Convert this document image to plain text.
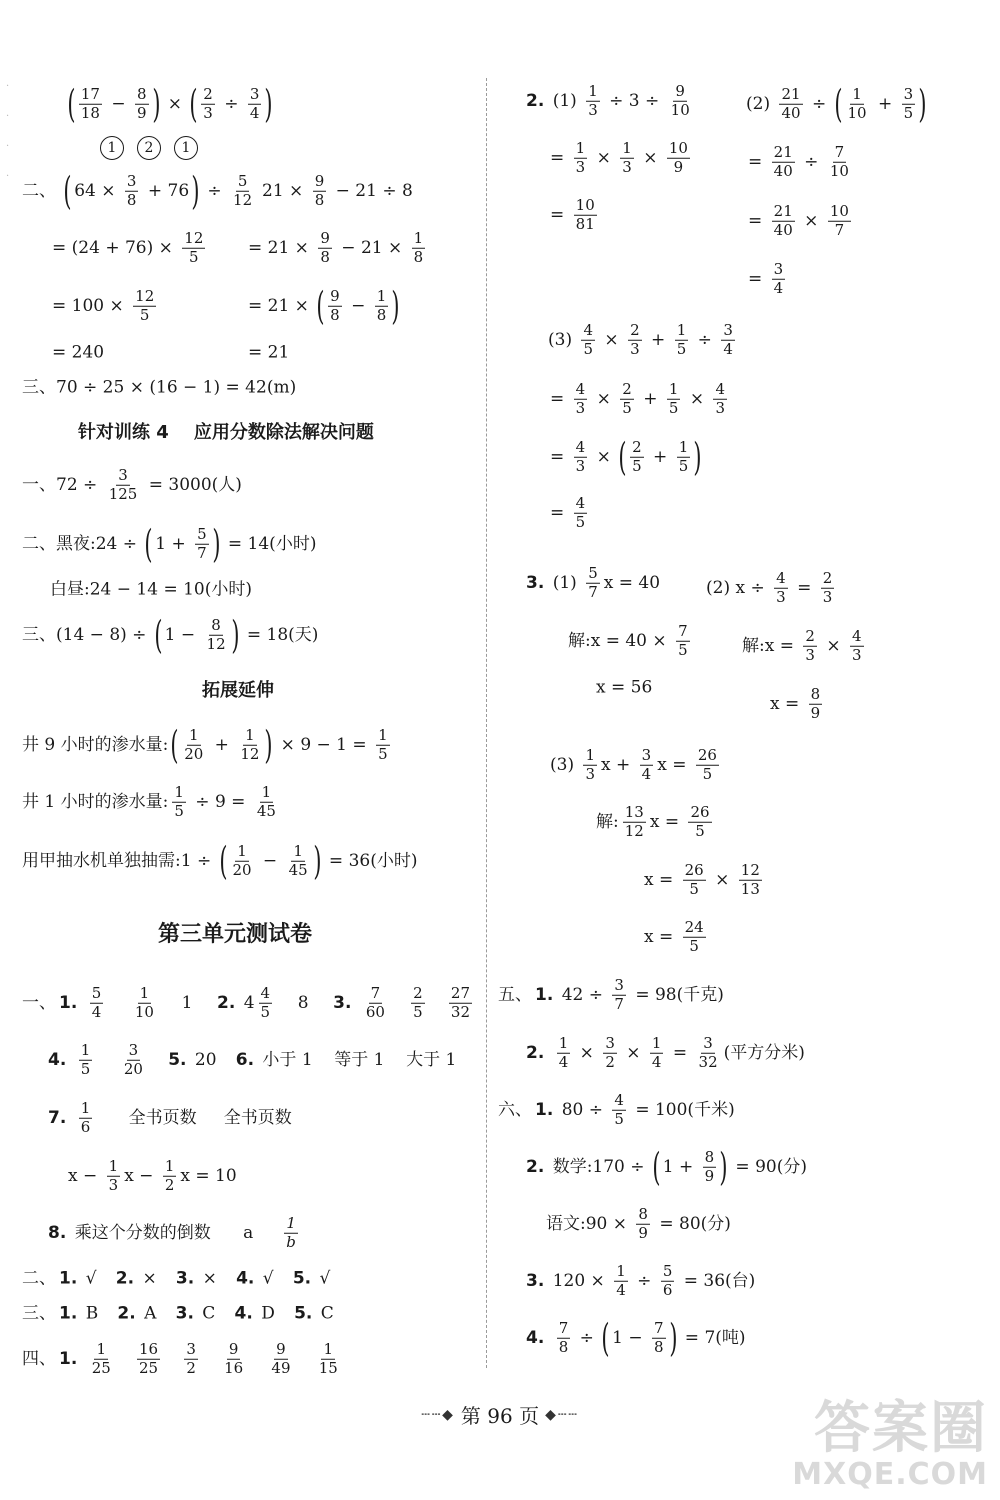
· · · ·
( $\frac{17}{18} - \frac{8}{9}$ ) × ( $\frac{2}{3} \div \frac{3}{4}$ )
1	2	1
二、 ( $64 \times \frac{3}{8} + 76$ ) ÷ $\frac{5}{12} 21 \times \frac{9}{8} - 21 \div 8$
= $(24 + 76) \times \frac{12}{5}$	= $21 \times \frac{9}{8} - 21 \times \frac{1}{8}$
= $100 \times \frac{12}{5}$	= 21 × ( $\frac{9}{8} - \frac{1}{8}$ )
= 240	= 21
三、70 ÷ 25 × (16 − 1) = 42(m)
针对训练 4    应用分数除法解决问题
一、$72 \div \frac{3}{125} = 3000$(人)
二、黑夜:24 ÷ ( $1 + \frac{5}{7}$ ) = 14(小时)
白昼:24 − 14 = 10(小时)
三、(14 − 8) ÷ ( $1 - \frac{8}{12}$ ) = 18(天)
拓展延伸
井 9 小时的渗水量: ( $\frac{1}{20} + \frac{1}{12}$ ) × $9 - 1 = \frac{1}{5}$
井 1 小时的渗水量: $\frac{1}{5} \div 9 = \frac{1}{45}$
用甲抽水机单独抽需:1 ÷ ( $\frac{1}{20} - \frac{1}{45}$ ) = 36(小时)
第三单元测试卷
一、 1.
$\frac{5}{4}$
$\frac{1}{10} 1$ 2. $4 \frac{4}{5} 8$ 3.
$\frac{7}{60}$
$\frac{2}{5}$
$\frac{27}{32}$
4.
$\frac{1}{5}$
$\frac{3}{20}$
5. 20 6. 小于 1    等于 1    大于 1
7.
$\frac{1}{6}$ 全书页数     全书页数
$x - \frac{1}{3}$ $x - \frac{1}{2}$ x = 10
8. 乘这个分数的倒数      a $\frac{1}{b}$
二、 1. √ 2. × 3. × 4. √ 5. √
三、 1. B 2. A 3. C 4. D 5. C
四、 1.
$\frac{1}{25}$
$\frac{16}{25}$
$\frac{3}{2}$
$\frac{9}{16}$
$\frac{9}{49}$
$\frac{1}{15}$
2. $(1) \frac{1}{3} \div 3 \div \frac{9}{10}$	$(2) \frac{21}{40}$ ÷ ( $\frac{1}{10} + \frac{3}{5}$ )
= $\frac{1}{3} \times \frac{1}{3} \times \frac{10}{9}$	= $\frac{21}{40} \div \frac{7}{10}$
= $\frac{10}{81}$	= $\frac{21}{40} \times \frac{10}{7}$
= $\frac{3}{4}$
$(3) \frac{4}{5} \times \frac{2}{3} + \frac{1}{5} \div \frac{3}{4}$
= $\frac{4}{3} \times \frac{2}{5} + \frac{1}{5} \times \frac{4}{3}$
= $\frac{4}{3}$ × ( $\frac{2}{5} + \frac{1}{5}$ )
= $\frac{4}{5}$
3. $(1) \frac{5}{7}$ x = 40	(2) $x \div \frac{4}{3} = \frac{2}{3}$
解:x = $40 \times \frac{7}{5}$	解:x = $\frac{2}{3} \times \frac{4}{3}$
x = 56
$x = \frac{8}{9}$
$(3) \frac{1}{3}$ $x + \frac{3}{4}$ $x = \frac{26}{5}$
解: $\frac{13}{12}$ $x = \frac{26}{5}$
$x = \frac{26}{5} \times \frac{12}{13}$
$x = \frac{24}{5}$
五、 1. $42 \div \frac{3}{7} = 98$(千克)
2.
$\frac{1}{4} \times \frac{3}{2} \times \frac{1}{4} = \frac{3}{32}$ (平方分米)
六、 1. $80 \div \frac{4}{5} = 100$(千米)
2. 数学:170 ÷ ( $1 + \frac{8}{9}$ ) = 90(分)
语文:90 × $\frac{8}{9} = 80$(分)
3. $120 \times \frac{1}{4} \div \frac{5}{6} = 36$(台)
4.
$\frac{7}{8}$ ÷ ( $1 - \frac{7}{8}$ ) = 7(吨)
┄┄◆ 第 96 页 ◆┄┄	答案圈
MXQE.COM
